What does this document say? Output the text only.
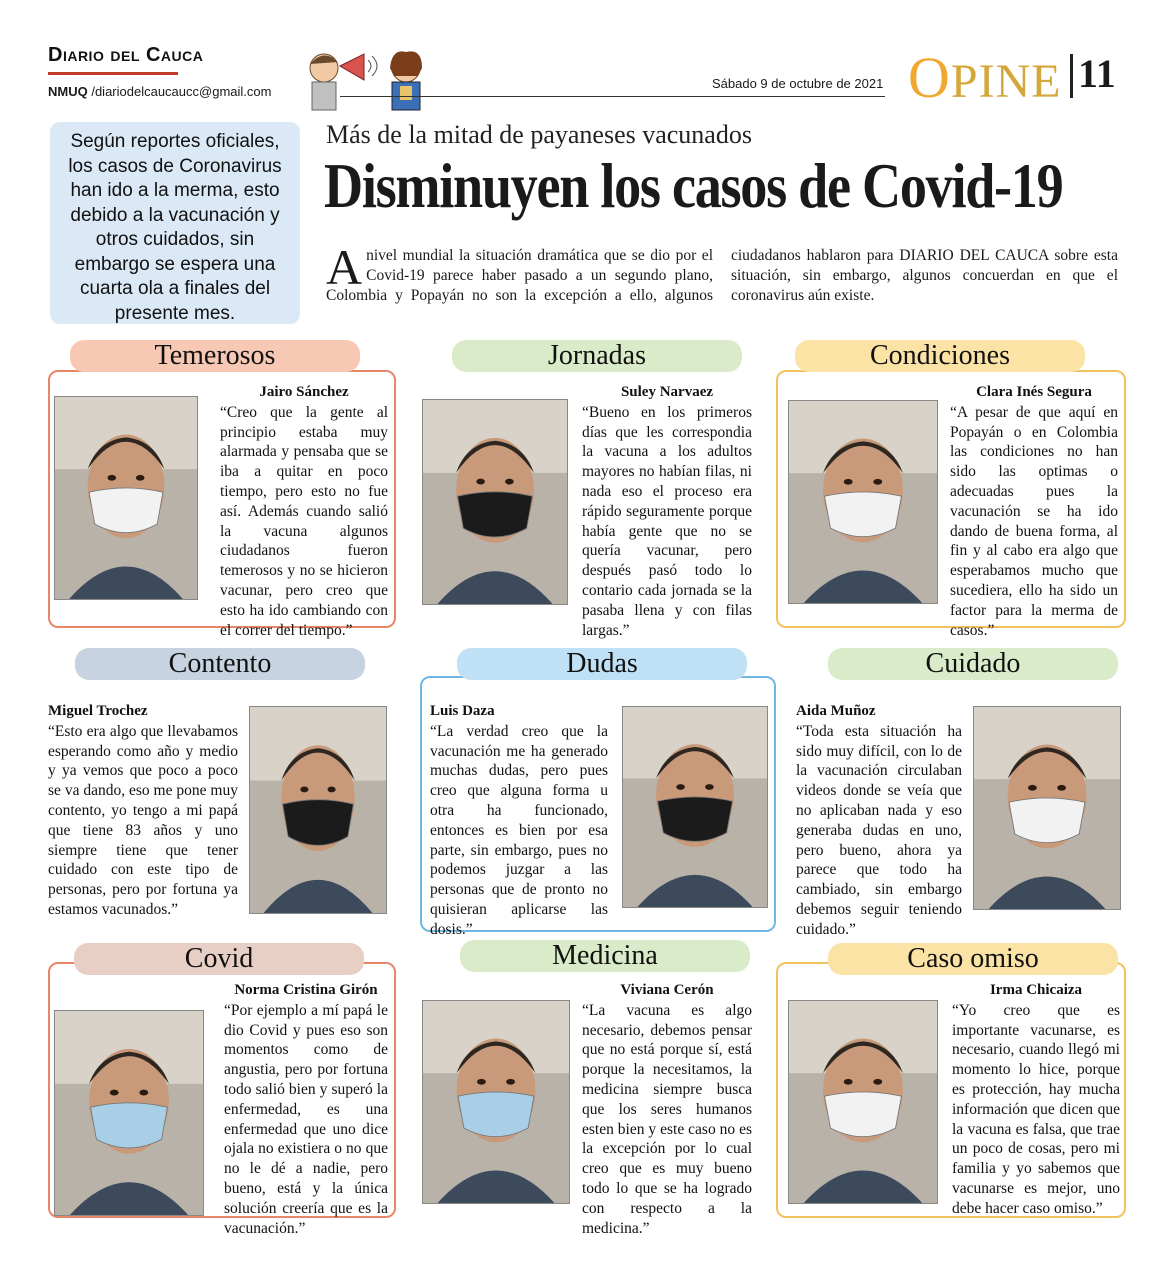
Diario del Cauca
NMUQ /diariodelcaucaucc@gmail.com
Sábado 9 de octubre de 2021 OPINE 11
Según reportes oficiales, los casos de Coronavirus han ido a la merma, esto debido a la vacunación y otros cuidados, sin embargo se espera una cuarta ola a finales del presente mes.
Más de la mitad de payaneses vacunados
Disminuyen los casos de Covid-19
Anivel mundial la situación dramática que se dio por el Covid-19 parece haber pasado a un segundo plano, Colombia y Popayán no son la excepción a ello, algunos ciudadanos hablaron para DIARIO DEL CAUCA sobre esta situación, sin embargo, algunos concuerdan en que el coronavirus aún existe.
Temerosos
Jairo Sánchez
“Creo que la gente al principio estaba muy alarmada y pensaba que se iba a quitar en poco tiempo, pero esto no fue así. Además cuando salió la vacuna algunos ciudadanos fueron temerosos y no se hicieron vacunar, pero creo que esto ha ido cambiando con el correr del tiempo.”
Jornadas
Suley Narvaez
“Bueno en los primeros días que les correspondia la vacuna a los adultos mayores no habían filas, ni nada eso el proceso era rápido seguramente porque había gente que no se quería vacunar, pero después pasó todo lo contario cada jornada se la pasaba llena y con filas largas.”
Condiciones
Clara Inés Segura
“A pesar de que aquí en Popayán o en Colombia las condiciones no han sido las optimas o adecuadas pues la vacunación se ha ido dando de buena forma, al fin y al cabo era algo que esperabamos mucho que sucediera, ello ha sido un factor para la merma de casos.”
Contento
Miguel Trochez
“Esto era algo que llevabamos esperando como año y medio y ya vemos que poco a poco se va dando, eso me pone muy contento, yo tengo a mi papá que tiene 83 años y uno siempre tiene que tener cuidado con este tipo de personas, pero por fortuna ya estamos vacunados.”
Dudas
Luis Daza
“La verdad creo que la vacunación me ha generado muchas dudas, pero pues creo que alguna forma u otra ha funcionado, entonces es bien por esa parte, sin embargo, pues no podemos juzgar a las personas que de pronto no quisieran aplicarse las dosis.”
Cuidado
Aida Muñoz
“Toda esta situación ha sido muy difícil, con lo de la vacunación circulaban videos donde se veía que no aplicaban nada y eso generaba dudas en uno, pero bueno, ahora ya parece que todo ha cambiado, sin embargo debemos seguir teniendo cuidado.”
Covid
Norma Cristina Girón
“Por ejemplo a mí papá le dio Covid y pues eso son momentos como de angustia, pero por fortuna todo salió bien y superó la enfermedad, es una enfermedad que uno dice ojala no existiera o no que no le dé a nadie, pero bueno, está y la única solución creería que es la vacunación.”
Medicina
Viviana Cerón
“La vacuna es algo necesario, debemos pensar que no está porque sí, está porque la necesitamos, la medicina siempre busca que los seres humanos esten bien y este caso no es la excepción por lo cual creo que es muy bueno todo lo que se ha logrado con respecto a la medicina.”
Caso omiso
Irma Chicaiza
“Yo creo que es importante vacunarse, es necesario, cuando llegó mi momento lo hice, porque es protección, hay mucha información que dicen que la vacuna es falsa, que trae un poco de cosas, pero mi familia y yo sabemos que vacunarse es mejor, uno debe hacer caso omiso.”
